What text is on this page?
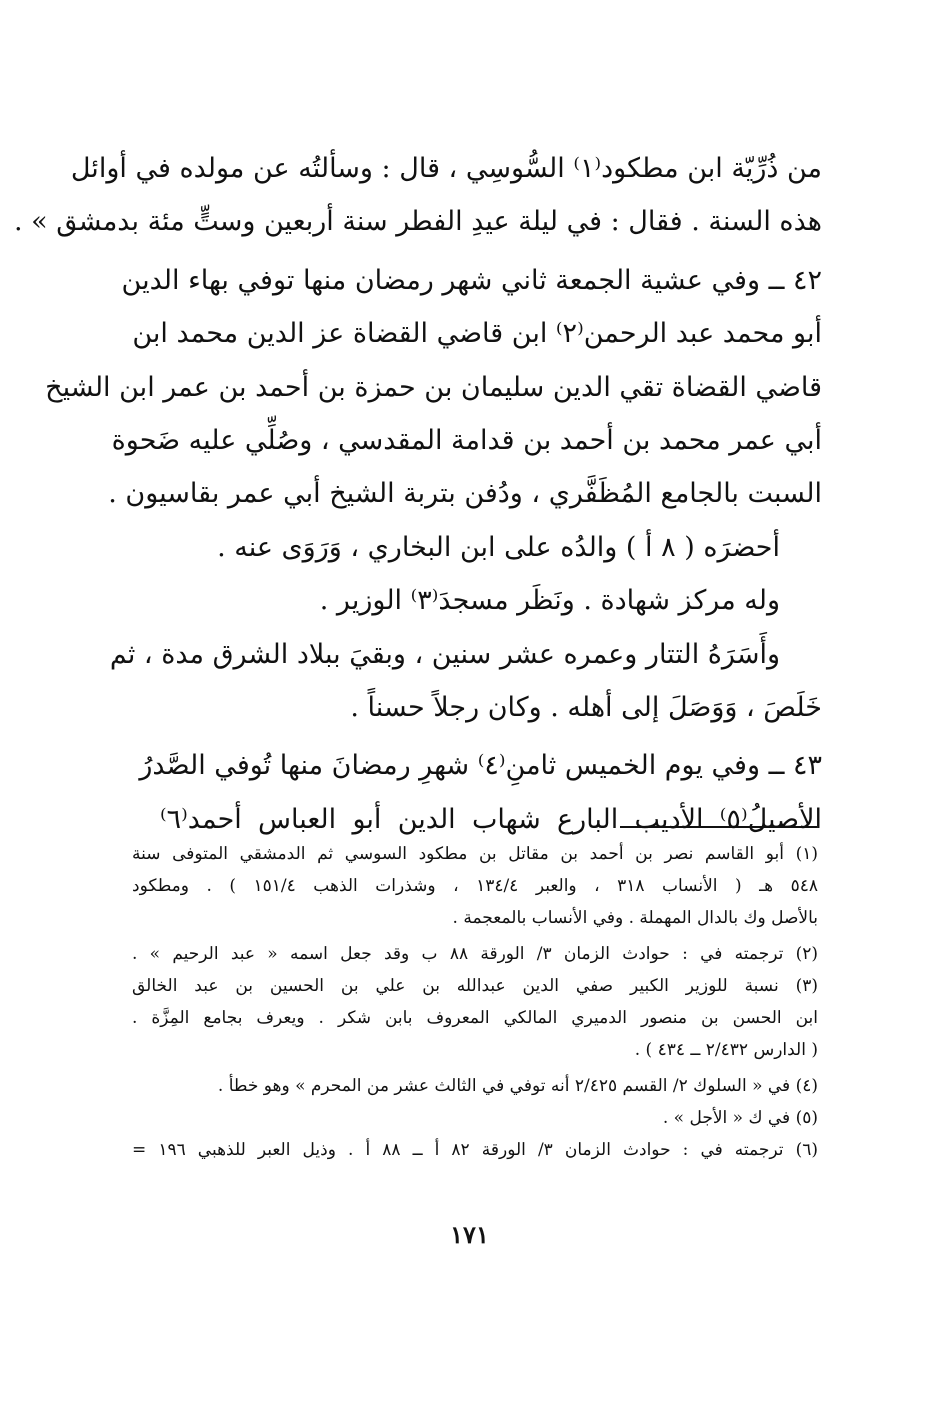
من ذُرِّيّة ابن مطكود⁽١⁾ السُّوسِي ، قال : وسألتُه عن مولده في أوائل
هذه السنة . فقال : في ليلة عيدِ الفطر سنة أربعين وستٍّ مئة بدمشق » .
٤٢ ــ وفي عشية الجمعة ثاني شهر رمضان منها توفي بهاء الدين
أبو محمد عبد الرحمن⁽٢⁾ ابن قاضي القضاة عز الدين محمد ابن
قاضي القضاة تقي الدين سليمان بن حمزة بن أحمد بن عمر ابن الشيخ
أبي عمر محمد بن أحمد بن قدامة المقدسي ، وصُلِّي عليه ضَحوة
السبت بالجامع المُظَفَّري ، ودُفن بتربة الشيخ أبي عمر بقاسيون .
أحضرَه ( ٨ أ ) والدُه على ابن البخاري ، وَرَوَى عنه .
وله مركز شهادة . ونَظَر مسجدَ⁽٣⁾ الوزير .
وأَسَرَهُ التتار وعمره عشر سنين ، وبقيَ ببلاد الشرق مدة ، ثم
خَلَصَ ، وَوَصَلَ إلى أهله . وكان رجلاً حسناً .
٤٣ ــ وفي يوم الخميس ثامنِ⁽٤⁾ شهرِ رمضانَ منها تُوفي الصَّدرُ
الأصيلُ⁽٥⁾ الأديب البارع شهاب الدين أبو العباس أحمد⁽٦⁾
(١) أبو القاسم نصر بن أحمد بن مقاتل بن مطكود السوسي ثم الدمشقي المتوفى سنة
٥٤٨ هـ ( الأنساب ٣١٨ ، والعبر ١٣٤/٤ ، وشذرات الذهب ١٥١/٤ ) . ومطكود
بالأصل وك بالدال المهملة . وفي الأنساب بالمعجمة .
(٢) ترجمته في : حوادث الزمان ٣/ الورقة ٨٨ ب وقد جعل اسمه « عبد الرحيم » .
(٣) نسبة للوزير الكبير صفي الدين عبدالله بن علي بن الحسين بن عبد الخالق
ابن الحسن بن منصور الدميري المالكي المعروف بابن شكر . ويعرف بجامع المِزَّة .
( الدارس ٢/٤٣٢ ــ ٤٣٤ ) .
(٤) في « السلوك ٢/ القسم ٢/٤٢٥ أنه توفي في الثالث عشر من المحرم » وهو خطأ .
(٥) في ك « الأجل » .
(٦) ترجمته في : حوادث الزمان ٣/ الورقة ٨٢ أ ــ ٨٨ أ . وذيل العبر للذهبي ١٩٦ =
١٧١
